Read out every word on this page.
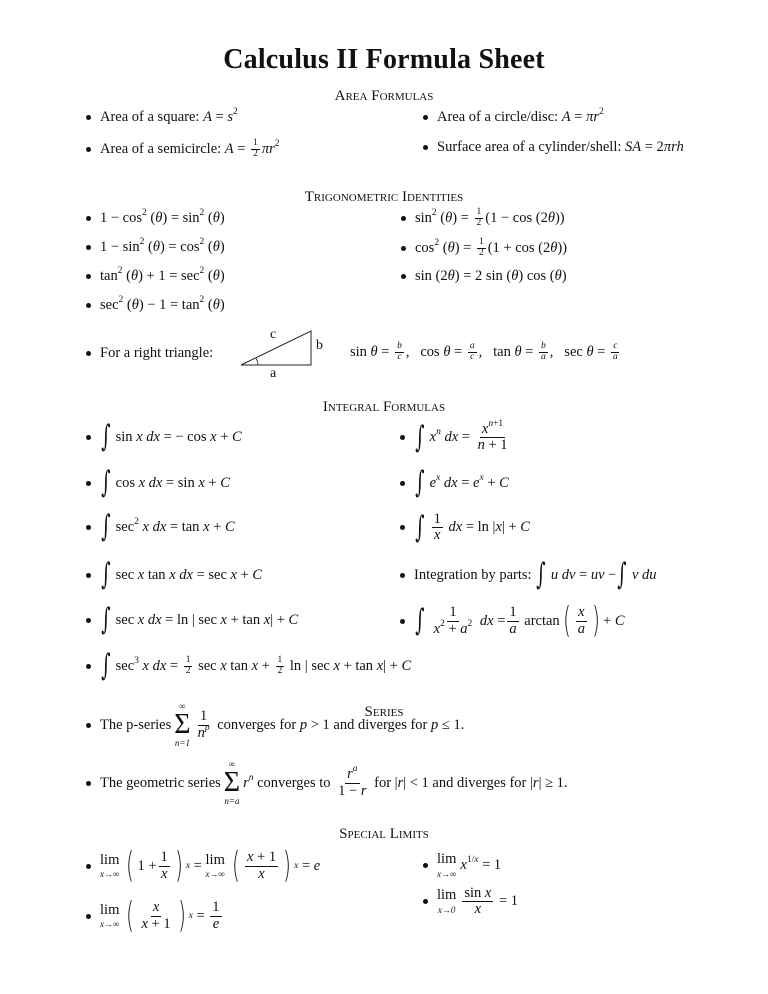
Calculus II Formula Sheet
Area Formulas
Area of a square:
$A = s^2$	Area of a circle/disc:
$A = \pi r^2$
Area of a semicircle:
$A = \frac{1}{2} \pi r^2$	Surface area of a cylinder/shell:
SA = 2πrh
Trigonometric Identities
$1 - \cos^2 (\theta) = \sin^2 (\theta)$
$1 - \sin^2 (\theta) = \cos^2 (\theta)$
$\tan^2 (\theta) + 1 = \sec^2 (\theta)$
$\sec^2 (\theta) - 1 = \tan^2 (\theta)$
$\sin^2 (\theta) = \frac{1}{2} (1 - \cos (2\theta))$
$\cos^2 (\theta) = \frac{1}{2} (1 + \cos (2\theta))$
sin (2θ) = 2 sin (θ) cos (θ)
For a right triangle:
c
b
a
$\sin \theta = \frac{b}{c}$ ,   $\cos \theta = \frac{a}{c}$ ,   $\tan \theta = \frac{b}{a}$ ,   $\sec \theta = \frac{c}{a}$
Integral Formulas
∫ sin x dx = − cos x + C
∫ cos x dx = sin x + C
∫ $\sec^2 x$ dx = tan x + C
∫ sec x tan x dx = sec x + C
∫ sec x dx = ln | sec x + tan x| + C
∫ $\sec^3 x$ dx = $\frac{1}{2}$ sec x $\tan x + \frac{1}{2}$ ln | sec x + tan x| + C
∫ $x^n$ dx = $\frac{x^{n+1}}{n + 1}$
∫ $e^x$ dx = $e^x + C$
∫ $\frac{1}{x}$ dx = ln |x| + C
Integration by parts:
∫ u dv = uv − ∫ v du
∫ $\frac{1}{x^2 + a^2}$ dx = $\frac{1}{a}$ arctan ( $\frac{x}{a}$ ) + C
Series
The p-series
∞
Σ
n=1
$\frac{1}{n^p}$
converges for p > 1 and diverges for p ≤ 1.
The geometric series
∞
Σ
n=a
$r^n$ converges to
$\frac{r^a}{1 - r}$
for |r| < 1 and diverges for |r| ≥ 1.
Special Limits
lim
x→∞ ( $1 + \frac{1}{x}$ ) x = lim
x→∞ ( $\frac{x + 1}{x}$ ) x = e
lim
x→∞ ( $\frac{x}{x + 1}$ ) $x = \frac{1}{e}$
lim
x→∞
$x^{1/x} = 1$
lim
$x\to 0 \frac{\text{sin x}}{x} = 1$
